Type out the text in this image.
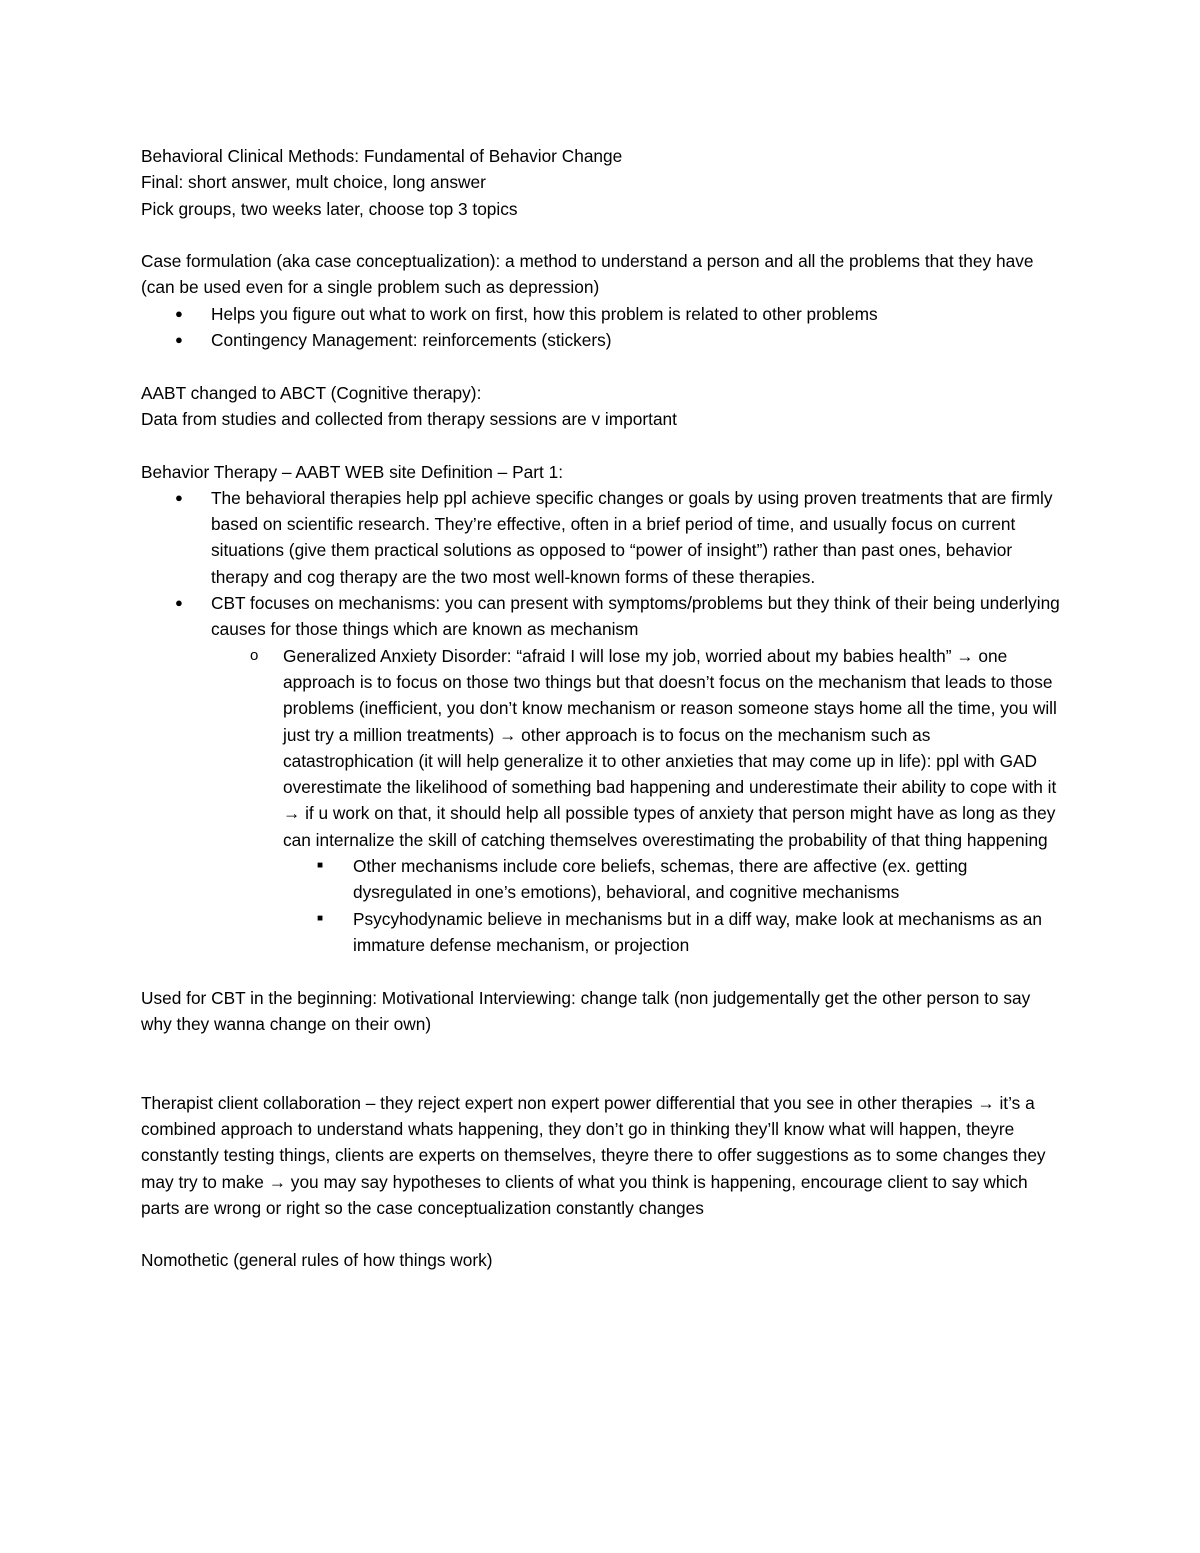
Behavioral Clinical Methods: Fundamental of Behavior Change

Final: short answer, mult choice, long answer

Pick groups, two weeks later, choose top 3 topics

Case formulation (aka case conceptualization): a method to understand a person and all the problems that they have (can be used even for a single problem such as depression)

● Helps you figure out what to work on first, how this problem is related to other problems
● Contingency Management: reinforcements (stickers)

AABT changed to ABCT (Cognitive therapy):

Data from studies and collected from therapy sessions are v important

Behavior Therapy – AABT WEB site Definition – Part 1:

● The behavioral therapies help ppl achieve specific changes or goals by using proven treatments that are firmly based on scientific research. They’re effective, often in a brief period of time, and usually focus on current situations (give them practical solutions as opposed to “power of insight”) rather than past ones, behavior therapy and cog therapy are the two most well-known forms of these therapies.
● CBT focuses on mechanisms: you can present with symptoms/problems but they think of their being underlying causes for those things which are known as mechanism
o Generalized Anxiety Disorder: “afraid I will lose my job, worried about my babies health” → one approach is to focus on those two things but that doesn’t focus on the mechanism that leads to those problems (inefficient, you don’t know mechanism or reason someone stays home all the time, you will just try a million treatments) → other approach is to focus on the mechanism such as catastrophication (it will help generalize it to other anxieties that may come up in life): ppl with GAD overestimate the likelihood of something bad happening and underestimate their ability to cope with it → if u work on that, it should help all possible types of anxiety that person might have as long as they can internalize the skill of catching themselves overestimating the probability of that thing happening
■ Other mechanisms include core beliefs, schemas, there are affective (ex. getting dysregulated in one’s emotions), behavioral, and cognitive mechanisms
■ Psycyhodynamic believe in mechanisms but in a diff way, make look at mechanisms as an immature defense mechanism, or projection

Used for CBT in the beginning: Motivational Interviewing: change talk (non judgementally get the other person to say why they wanna change on their own)

Therapist client collaboration – they reject expert non expert power differential that you see in other therapies → it’s a combined approach to understand whats happening, they don’t go in thinking they’ll know what will happen, theyre constantly testing things, clients are experts on themselves, theyre there to offer suggestions as to some changes they may try to make → you may say hypotheses to clients of what you think is happening, encourage client to say which parts are wrong or right so the case conceptualization constantly changes

Nomothetic (general rules of how things work)
